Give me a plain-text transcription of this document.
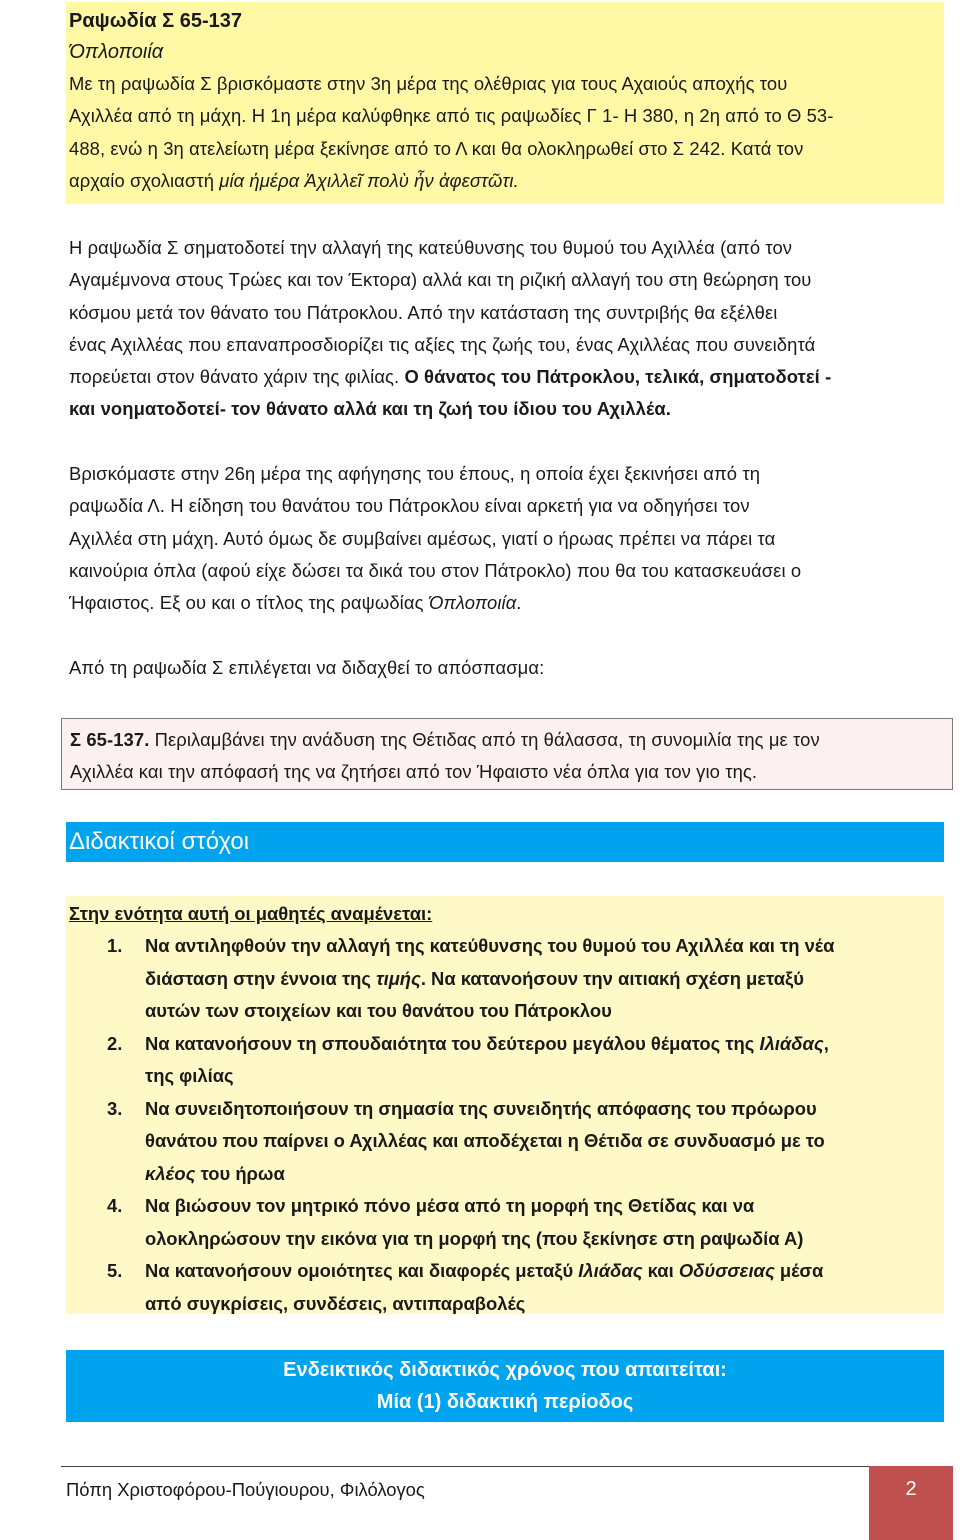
Ραψωδία Σ 65-137

Όπλοποιία

Με τη ραψωδία Σ βρισκόμαστε στην 3η μέρα της ολέθριας για τους Αχαιούς αποχής του
Αχιλλέα από τη μάχη. Η 1η μέρα καλύφθηκε από τις ραψωδίες Γ 1- Η 380, η 2η από το Θ 53-
488, ενώ η 3η ατελείωτη μέρα ξεκίνησε από το Λ και θα ολοκληρωθεί στο Σ 242. Κατά τον
αρχαίο σχολιαστή μία ἡμέρα Ἀχιλλεῖ πολὺ ἦν ἀφεστῶτι.
Η ραψωδία Σ σηματοδοτεί την αλλαγή της κατεύθυνσης του θυμού του Αχιλλέα (από τον
Αγαμέμνονα στους Τρώες και τον Έκτορα) αλλά και τη ριζική αλλαγή του στη θεώρηση του
κόσμου μετά τον θάνατο του Πάτροκλου. Από την κατάσταση της συντριβής θα εξέλθει
ένας Αχιλλέας που επαναπροσδιορίζει τις αξίες της ζωής του, ένας Αχιλλέας που συνειδητά
πορεύεται στον θάνατο χάριν της φιλίας. Ο θάνατος του Πάτροκλου, τελικά, σηματοδοτεί -
και νοηματοδοτεί- τον θάνατο αλλά και τη ζωή του ίδιου του Αχιλλέα.
Βρισκόμαστε στην 26η μέρα της αφήγησης του έπους, η οποία έχει ξεκινήσει από τη
ραψωδία Λ. Η είδηση του θανάτου του Πάτροκλου είναι αρκετή για να οδηγήσει τον
Αχιλλέα στη μάχη. Αυτό όμως δε συμβαίνει αμέσως, γιατί ο ήρωας πρέπει να πάρει τα
καινούρια όπλα (αφού είχε δώσει τα δικά του στον Πάτροκλο) που θα του κατασκευάσει ο
Ήφαιστος. Εξ ου και ο τίτλος της ραψωδίας Όπλοποιία.
Από τη ραψωδία Σ επιλέγεται να διδαχθεί το απόσπασμα:
Σ 65-137. Περιλαμβάνει την ανάδυση της Θέτιδας από τη θάλασσα, τη συνομιλία της με τον
Αχιλλέα και την απόφασή της να ζητήσει από τον Ήφαιστο νέα όπλα για τον γιο της.
Διδακτικοί στόχοι

Στην ενότητα αυτή οι μαθητές αναμένεται:

1. Να αντιληφθούν την αλλαγή της κατεύθυνσης του θυμού του Αχιλλέα και τη νέα
διάσταση στην έννοια της τιμής. Να κατανοήσουν την αιτιακή σχέση μεταξύ
αυτών των στοιχείων και του θανάτου του Πάτροκλου
2. Να κατανοήσουν τη σπουδαιότητα του δεύτερου μεγάλου θέματος της Ιλιάδας,
της φιλίας
3. Να συνειδητοποιήσουν τη σημασία της συνειδητής απόφασης του πρόωρου
θανάτου που παίρνει ο Αχιλλέας και αποδέχεται η Θέτιδα σε συνδυασμό με το
κλέος του ήρωα
4. Να βιώσουν τον μητρικό πόνο μέσα από τη μορφή της Θετίδας και να
ολοκληρώσουν την εικόνα για τη μορφή της (που ξεκίνησε στη ραψωδία Α)
5. Να κατανοήσουν ομοιότητες και διαφορές μεταξύ Ιλιάδας και Οδύσσειας μέσα
από συγκρίσεις, συνδέσεις, αντιπαραβολές

Ενδεικτικός διδακτικός χρόνος που απαιτείται:

Μία (1) διδακτική περίοδος

Πόπη Χριστοφόρου-Πούγιουρου, Φιλόλογος	2
